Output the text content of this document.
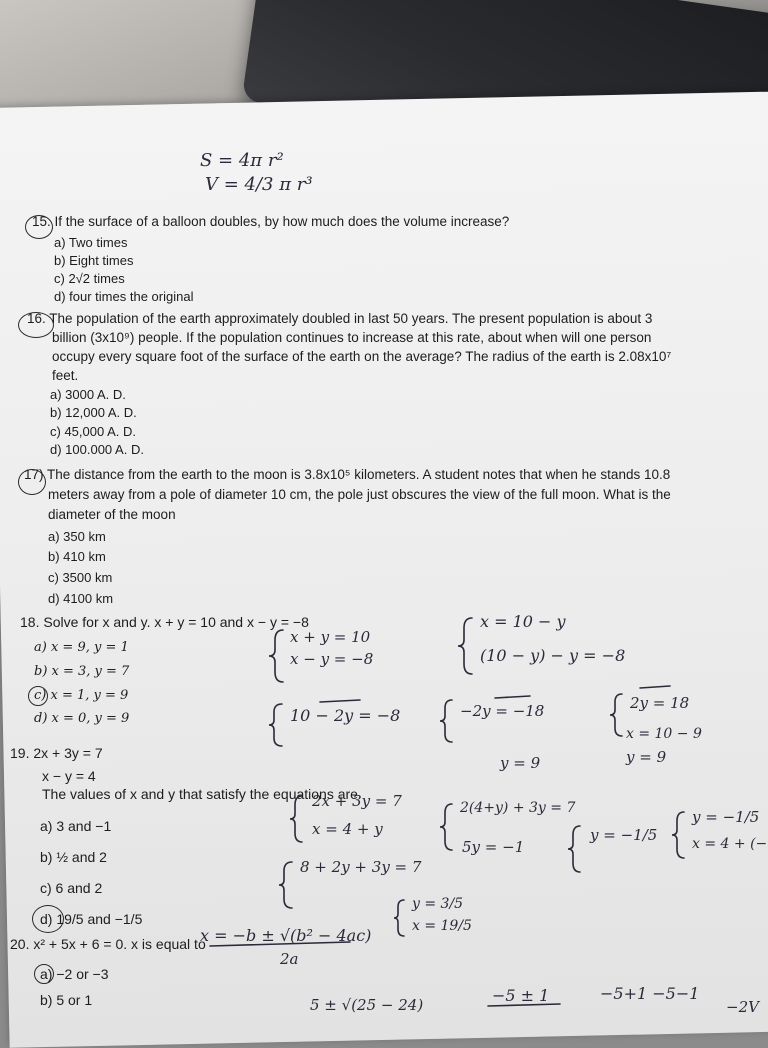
S = 4π r²
V = 4/3 π r³
15. If the surface of a balloon doubles, by how much does the volume increase?
a) Two times
b) Eight times
c) 2√2 times
d) four times the original
16. The population of the earth approximately doubled in last 50 years. The present population is about 3
billion (3x10⁹) people. If the population continues to increase at this rate, about when will one person
occupy every square foot of the surface of the earth on the average? The radius of the earth is 2.08x10⁷
feet.
a) 3000 A. D.
b) 12,000 A. D.
c) 45,000 A. D.
d) 100.000 A. D.
17) The distance from the earth to the moon is 3.8x10⁵ kilometers. A student notes that when he stands 10.8
meters away from a pole of diameter 10 cm, the pole just obscures the view of the full moon. What is the
diameter of the moon
a) 350 km
b) 410 km
c) 3500 km
d) 4100 km
18. Solve for x and y. x + y = 10 and x − y = −8
a) x = 9, y = 1
b) x = 3, y = 7
c) x = 1, y = 9
d) x = 0, y = 9
19. 2x + 3y = 7
x − y = 4
The values of x and y that satisfy the equations are
a) 3 and −1
b) ½ and 2
c) 6 and 2
d) 19/5 and −1/5
20. x² + 5x + 6 = 0. x is equal to
a) −2 or −3
b) 5 or 1
x + y = 10
x − y = −8
x = 10 − y
(10 − y) − y = −8
10 − 2y = −8	−2y = −18	2y = 18
y = 9
x = 10 − 9
y = 9
2x + 3y = 7
x = 4 + y
2(4+y) + 3y = 7
8 + 2y + 3y = 7
5y = −1
y = −1/5
y = −1/5
x = 4 + (−
y = 3/5
x = 19/5
x = −b ± √(b² − 4ac)
2a
5 ± √(25 − 24)	−5 ± 1	−5+1 −5−1
−2V
